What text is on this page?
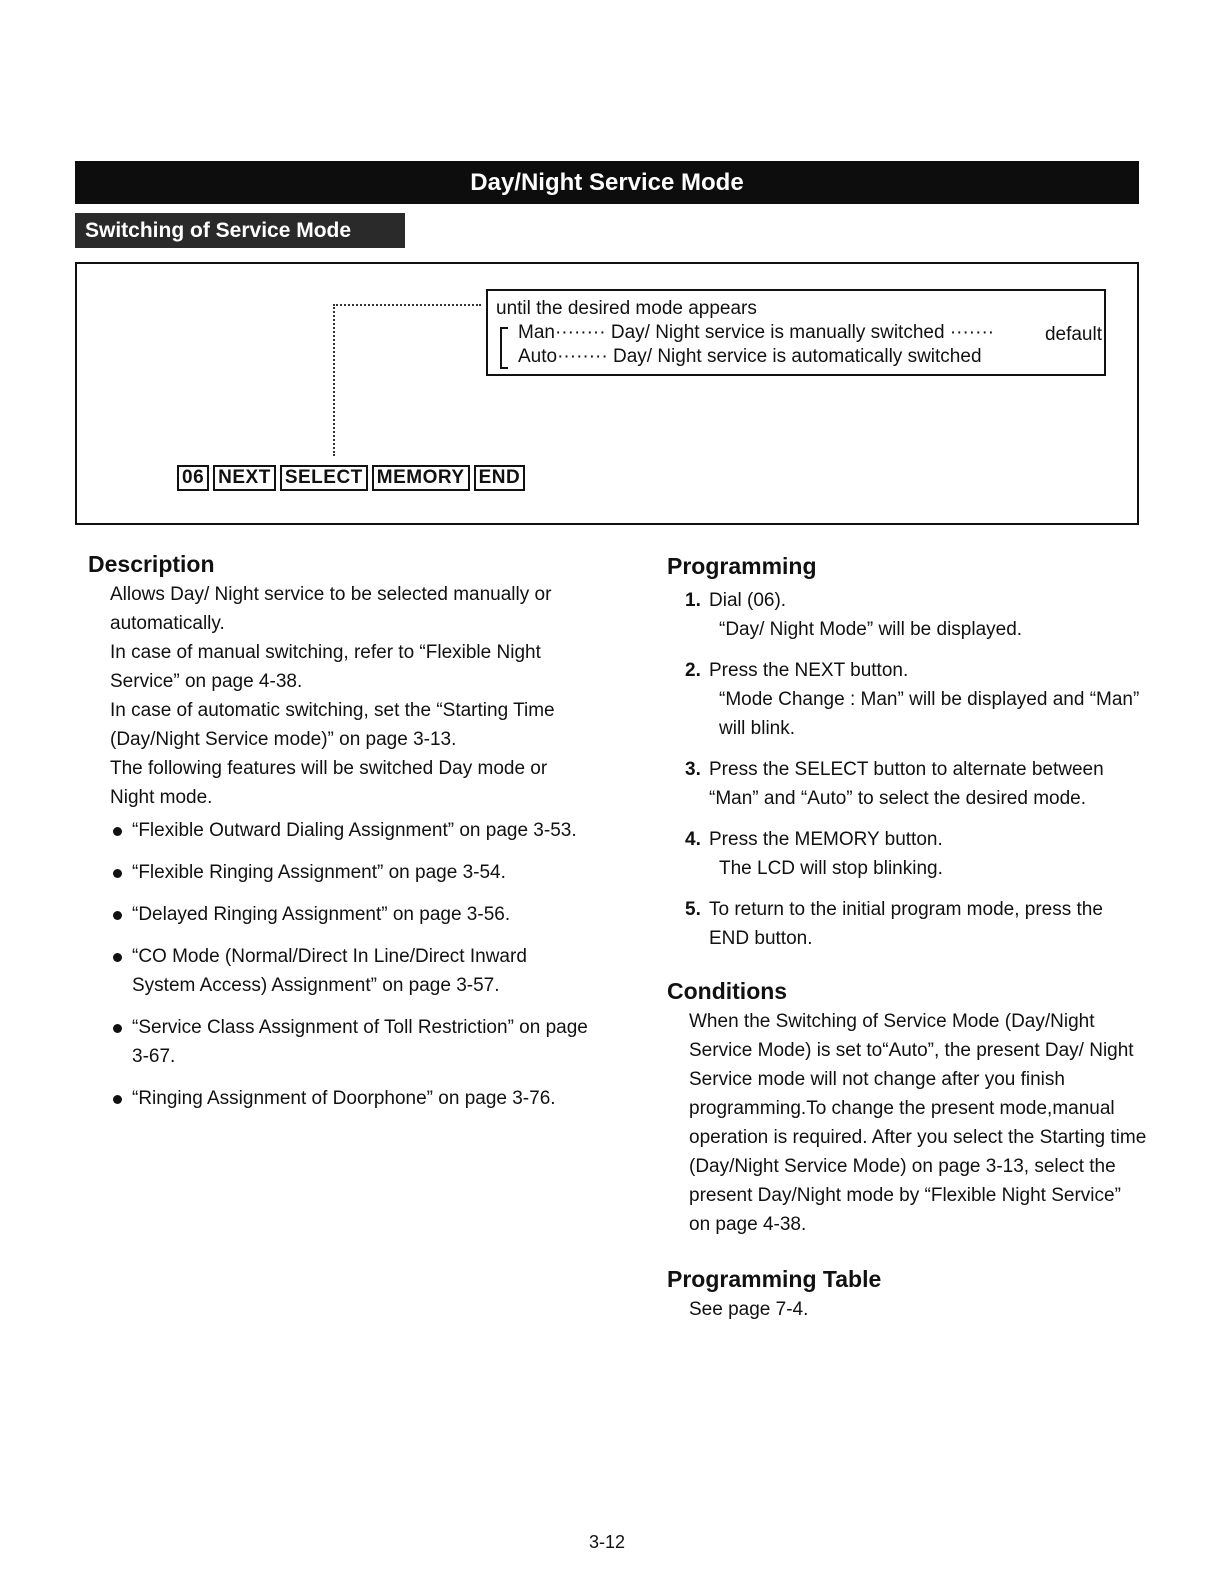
Day/Night Service Mode
Switching of Service Mode
until the desired mode appears
Man········ Day/ Night service is manually switched ·······
Auto········ Day/ Night service is automatically switched
default
06 NEXT SELECT MEMORY END
Description

Allows Day/ Night service to be selected manually or automatically.

In case of manual switching, refer to “Flexible Night Service” on page 4-38.

In case of automatic switching, set the “Starting Time (Day/Night Service mode)” on page 3-13.

The following features will be switched Day mode or Night mode.

“Flexible Outward Dialing Assignment” on page 3-53.
“Flexible Ringing Assignment” on page 3-54.
“Delayed Ringing Assignment” on page 3-56.
“CO Mode (Normal/Direct In Line/Direct Inward System Access) Assignment” on page 3-57.
“Service Class Assignment of Toll Restriction” on page 3-67.
“Ringing Assignment of Doorphone” on page 3-76.
Programming
1. Dial (06).
“Day/ Night Mode” will be displayed.
2. Press the NEXT button.
“Mode Change : Man” will be displayed and “Man” will blink.
3. Press the SELECT button to alternate between “Man” and “Auto” to select the desired mode.
4. Press the MEMORY button.
The LCD will stop blinking.
5. To return to the initial program mode, press the END button.
Conditions

When the Switching of Service Mode (Day/Night Service Mode) is set to“Auto”, the present Day/ Night Service mode will not change after you finish programming.To change the present mode,manual operation is required. After you select the Starting time (Day/Night Service Mode) on page 3-13, select the present Day/Night mode by “Flexible Night Service” on page 4-38.

Programming Table

See page 7-4.

3-12
